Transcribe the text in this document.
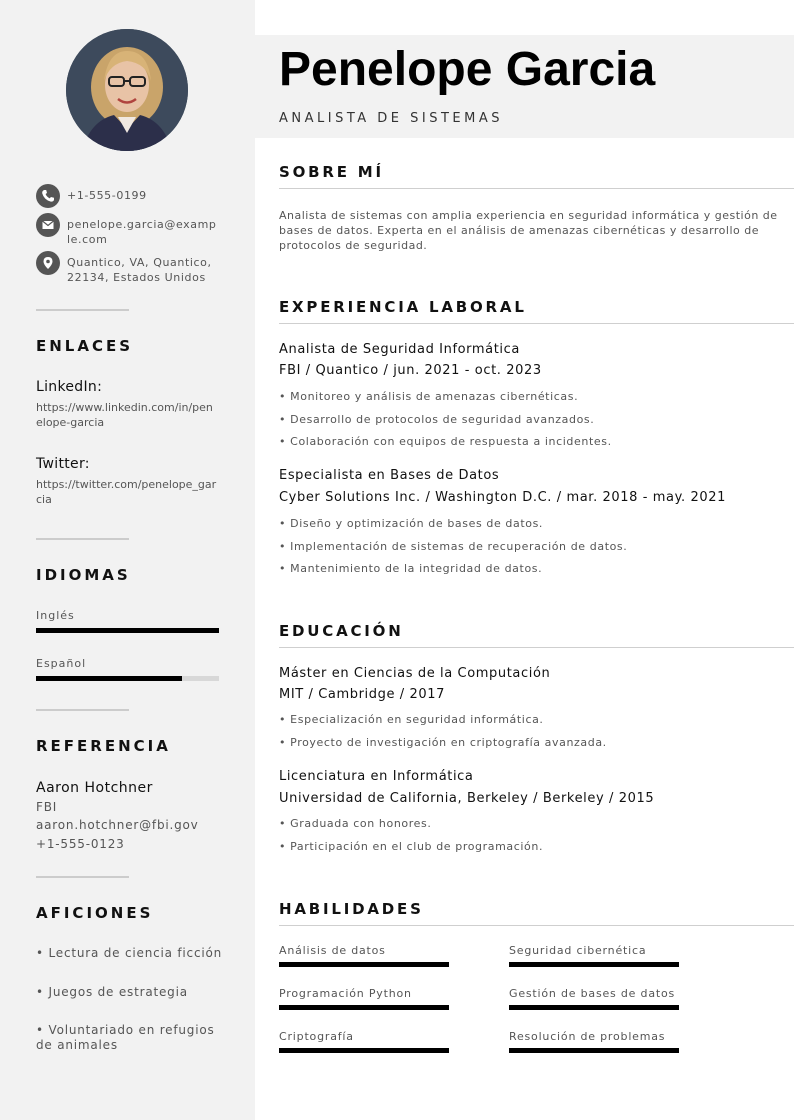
+1-555-0199
penelope.garcia@example.com
Quantico, VA, Quantico, 22134, Estados Unidos
ENLACES
LinkedIn:
https://www.linkedin.com/in/penelope-garcia
Twitter:
https://twitter.com/penelope_garcia
IDIOMAS
Inglés
Español
REFERENCIA
Aaron Hotchner
FBI
aaron.hotchner@fbi.gov
+1-555-0123
AFICIONES
• Lectura de ciencia ficción
• Juegos de estrategia
• Voluntariado en refugios de animales
Penelope Garcia
ANALISTA DE SISTEMAS
SOBRE MÍ
Analista de sistemas con amplia experiencia en seguridad informática y gestión de bases de datos. Experta en el análisis de amenazas cibernéticas y desarrollo de protocolos de seguridad.
EXPERIENCIA LABORAL
Analista de Seguridad Informática
FBI / Quantico / jun. 2021 - oct. 2023
• Monitoreo y análisis de amenazas cibernéticas.
• Desarrollo de protocolos de seguridad avanzados.
• Colaboración con equipos de respuesta a incidentes.
Especialista en Bases de Datos
Cyber Solutions Inc. / Washington D.C. / mar. 2018 - may. 2021
• Diseño y optimización de bases de datos.
• Implementación de sistemas de recuperación de datos.
• Mantenimiento de la integridad de datos.
EDUCACIÓN
Máster en Ciencias de la Computación
MIT / Cambridge / 2017
• Especialización en seguridad informática.
• Proyecto de investigación en criptografía avanzada.
Licenciatura en Informática
Universidad de California, Berkeley / Berkeley / 2015
• Graduada con honores.
• Participación en el club de programación.
HABILIDADES
Análisis de datos	Seguridad cibernética
Programación Python	Gestión de bases de datos
Criptografía	Resolución de problemas
